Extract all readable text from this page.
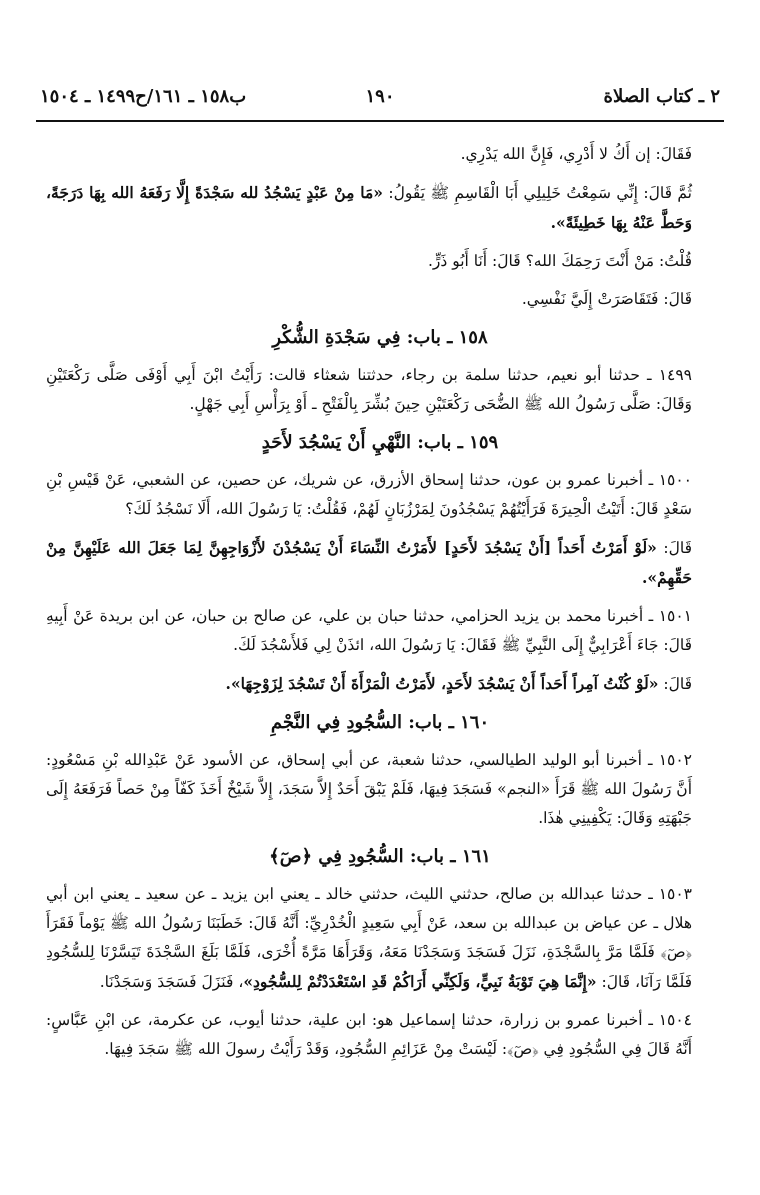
٢ ـ كتاب الصلاة
١٩٠
ب١٥٨ ـ ١٦١/ح١٤٩٩ ـ ١٥٠٤

فَقَالَ: إن أَكُ لا أَدْرِي، فَإِنَّ الله يَدْرِي.

ثُمَّ قَالَ: إِنِّي سَمِعْتُ خَلِيلِي أَبَا الْقَاسِمِ ﷺ يَقُولُ: «مَا مِنْ عَبْدٍ يَسْجُدُ لله سَجْدَةً إِلَّا رَفَعَهُ الله بِهَا دَرَجَةً، وَحَطَّ عَنْهُ بِهَا خَطِيئَةً».

قُلْتُ: مَنْ أَنْتَ رَحِمَكَ الله؟ قَالَ: أَنَا أَبُو ذَرٍّ.

قَالَ: فَتَقَاصَرَتْ إِلَيَّ نَفْسِي.

١٥٨ ـ باب: فِي سَجْدَةِ الشُّكْرِ

١٤٩٩ ـ حدثنا أبو نعيم، حدثنا سلمة بن رجاء، حدثتنا شعثاء قالت: رَأَيْتُ ابْنَ أَبِي أَوْفَى صَلَّى رَكْعَتَيْنِ وَقَالَ: صَلَّى رَسُولُ الله ﷺ الضُّحَى رَكْعَتَيْنِ حِينَ بُشِّرَ بِالْفَتْحِ ـ أَوْ بِرَأْسِ أَبِي جَهْلٍ.

١٥٩ ـ باب: النَّهْيِ أَنْ يَسْجُدَ لأَحَدٍ

١٥٠٠ ـ أخبرنا عمرو بن عون، حدثنا إسحاق الأزرق، عن شريك، عن حصين، عن الشعبي، عَنْ قَيْسِ بْنِ سَعْدٍ قَالَ: أَتَيْتُ الْحِيرَةَ فَرَأَيْتُهُمْ يَسْجُدُونَ لِمَرْزُبَانٍ لَهُمْ، فَقُلْتُ: يَا رَسُولَ الله، أَلَا نَسْجُدُ لَكَ؟

قَالَ: «لَوْ أَمَرْتُ أَحَداً [أَنْ يَسْجُدَ لأَحَدٍ] لأَمَرْتُ النِّسَاءَ أَنْ يَسْجُدْنَ لأَزْوَاجِهِنَّ لِمَا جَعَلَ الله عَلَيْهِنَّ مِنْ حَقِّهِمْ».

١٥٠١ ـ أخبرنا محمد بن يزيد الحزامي، حدثنا حبان بن علي، عن صالح بن حبان، عن ابن بريدة عَنْ أَبِيهِ قَالَ: جَاءَ أَعْرَابِيٌّ إِلَى النَّبِيِّ ﷺ فَقَالَ: يَا رَسُولَ الله، ائذَنْ لِي فَلأَسْجُدَ لَكَ.

قَالَ: «لَوْ كُنْتُ آمِراً أَحَداً أَنْ يَسْجُدَ لأَحَدٍ، لأَمَرْتُ الْمَرْأَةَ أَنْ تَسْجُدَ لِزَوْجِهَا».

١٦٠ ـ باب: السُّجُودِ فِي النَّجْمِ

١٥٠٢ ـ أخبرنا أبو الوليد الطيالسي، حدثنا شعبة، عن أبي إسحاق، عن الأسود عَنْ عَبْدِالله بْنِ مَسْعُودٍ: أَنَّ رَسُولَ الله ﷺ قَرَأَ «النجم» فَسَجَدَ فِيهَا، فَلَمْ يَبْقَ أَحَدٌ إِلاَّ سَجَدَ، إِلاَّ شَيْخٌ أَخَذَ كَفّاً مِنْ حَصاً فَرَفَعَهُ إِلَى جَبْهَتِهِ وَقَالَ: يَكْفِينِي هٰذَا.

١٦١ ـ باب: السُّجُودِ فِي ﴿صٓ﴾

١٥٠٣ ـ حدثنا عبدالله بن صالح، حدثني الليث، حدثني خالد ـ يعني ابن يزيد ـ عن سعيد ـ يعني ابن أبي هلال ـ عن عياض بن عبدالله بن سعد، عَنْ أَبِي سَعِيدٍ الْخُدْرِيِّ: أَنَّهُ قَالَ: خَطَبَنَا رَسُولُ الله ﷺ يَوْماً فَقَرَأَ ﴿صٓ﴾ فَلَمَّا مَرَّ بِالسَّجْدَةِ، نَزَلَ فَسَجَدَ وَسَجَدْنَا مَعَهُ، وَقَرَأَهَا مَرَّةً أُخْرَى، فَلَمَّا بَلَغَ السَّجْدَةَ تَيَسَّرْنَا لِلسُّجُودِ فَلَمَّا رَآنَا، قَالَ: «إِنَّمَا هِيَ تَوْبَةُ نَبِيٍّ، وَلَكِنِّي أَرَاكُمْ قَدِ اسْتَعْدَدْتُمْ لِلسُّجُودِ»، فَنَزَلَ فَسَجَدَ وَسَجَدْنَا.

١٥٠٤ ـ أخبرنا عمرو بن زرارة، حدثنا إسماعيل هو: ابن علية، حدثنا أيوب، عن عكرمة، عن ابْنِ عَبَّاسٍ: أَنَّهُ قَالَ فِي السُّجُودِ فِي ﴿صٓ﴾: لَيْسَتْ مِنْ عَزَائِمِ السُّجُودِ، وَقَدْ رَأَيْتُ رسولَ الله ﷺ سَجَدَ فِيهَا.
